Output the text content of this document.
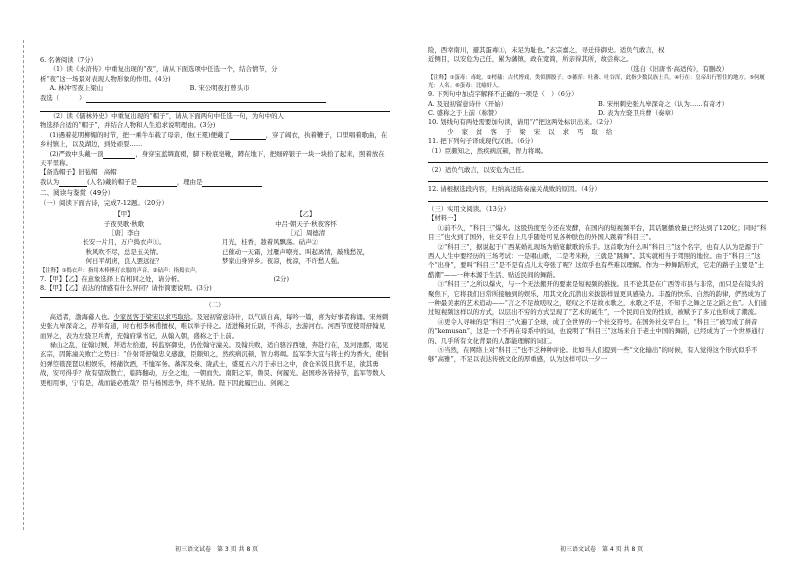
6. 名著阅读（7分）

（1）读《水浒传》中重复出现的“夜”，请从下面选项中任选一个，结合情节，分

析“夜”这一场景对表现人物形象的作用。(4分)

A. 林冲雪夜上梁山	B. 宋公明夜打曾头市

我选（	）

（2）读《儒林外史》中重复出现的“帽子”，请从下面两句中任选一句，为句中的人

物选择合适的“帽子”，并结合人物和人生追求说明理由。(3分)

(1)遇着花明柳媚的时节，把一乘牛车载了母亲，他(王冕)便戴了	，穿了阔衣，执着鞭子，口里唱着歌曲，在乡村镇上，以及湖边，到处顽耍……

(2)严致中头戴一顶	，身穿宝蓝绸直裰，脚下粉底皂靴，蹲在地下，把细碎银子一块一块拾了起来，照着放在天平里称。

【备选帽子】旧毡帽　高帽

我认为	(人名)戴的帽子是	，理由是

二、阅读与鉴赏（49分）

（一）阅读下面古诗，完成7-12题。（20分）

【甲】

子夜吴歌·秋歌

［唐］李白

长安一片月，万户捣衣声①。

秋风吹不尽，总是玉关情。

何日平胡虏，良人罢远征？

【乙】

中吕·朝天子·秋夜客怀

［元］周德清

月光，桂香，趁着风飘荡。砧声②

已催动一天霜，过雁声嘹亮。叫起离情，敲残愁况，

梦家山身异乡。夜凉，枕凉，不许愁人强。

【注释】①捣衣声：指用木棒捶打衣服的声音。②砧声：指捣衣声。

7.【甲】【乙】在意象选择上有相同之处，请分析。	(2分)

8.【甲】【乙】表达的情感有什么异同？请作简要说明。(3分)

（二）

高适者，渤海蓨人也。少家贫客于梁宋以求丐取给。及冠初留意诗什，以气质自高，每吟一篇，喜为好事者称诵。宋州刺史张九皋深奇之，荐举有道，时右相李林甫擅权，唯以举子待之。适进稀封丘尉，不得志，去游河右。河西节度使哥舒翰见而异之，表为左骁卫兵曹，充翰府掌书记，从翰入朝，盛称之于上前。

禄山之乱，征翰讨贼，拜适左拾遗，转监察御史，仍佐翰守潼关。及翰兵败，适自骆谷西驰，奔赴行在，及河池郡，谒见玄宗，因陈潼关败亡之势曰：“仆射哥舒翰忠义感激，臣颇知之，然疾病沉顿，智力将竭。监军李大宜与将士约为香火，使倡妇弹箜篌琵琶以相娱乐，樗蒱饮酒，不恤军务。蕃浑及秦、陇武士，盛夏五六月于赤日之中，食仓米饭且犹不足，欲其勇战，安可得乎？故有望敌散亡，临阵翻动，万全之地，一朝而失。南阳之军，鲁炅、何履光、赵国珍各皆持节，监军等数人更相用事，宁有是，战而能必胜哉？臣与杨国忠争，终不见纳。陛下因此履巴山、剑阁之

险，西幸南川，避其蛋毒①，未足为耻也。”玄宗嘉之，寻迁侍御史。适负气敢言，权

近侧目，以安危为己任，累为藩镇，政在宽简，所亲得其所，故尝称之。

（选自《旧唐书·高适传》，有删改）

【注释】①蛋毒：毒蛇。②樗蒱：古代博戏，类似掷骰子。③蕃浑：吐蕃、吐谷浑，此指少数民族士兵。④行在：皇帝出行暂住的地方。⑤何履光：人名。⑥蛋毒：比喻奸人。

9. 下列句中加点字解释不正确的一项是（　）（6分）

A. 及冠初留意诗什（开始）	B. 宋州刺史张九皋深奇之（认为……有奇才）
C. 盛称之于上前（称赞）	D. 表为左骁卫兵曹（奏章）

10. 划线句有两处需要加句读，请用“/”把这两处标识出来。（2分）

少 家 贫 客 于 梁 宋 以 求 丐 取 给

11. 把下列句子译成现代汉语。（6分）

（1）臣颇知之，然疾病沉顿，智力将竭。

（2）适负气敢言，以安危为己任。

12. 请根据选段内容，归纳高适陈奏潼关战败的原因。（4分）

（三）实用文阅读。（13分）

【材料一】

①前不久，“科目三”爆火。这股热度至今还在发酵，在国内的短视频平台，其话题播放量已经达到了120亿；同时“科目三”也火到了国外，社交平台上几乎随处可见各种肤色的外国人跳着“科目三”。

②“科目三”，据说起于广西某婚礼现场为婚宴献歌的乐手。这首歌为什么叫“科目三”这个名字，也有人认为是源于广西人人生中要经历的三场考试：一是唱山歌，二是考米粉，三就是“跳舞”。其实就相当于驾照的地位。由于“科目三”这个“出身”，要叫“科目三”是不是有点儿太夸张了呢？这似乎也有些难以理解。作为一种舞蹈形式，它走的路子主要是“土酷潮”——一种本源于生活、贴近民间的舞蹈。

③“科目三”之所以爆火，与一个无法搬开的要素是短视频的推拢。且不论其是在广西等市县与非常，而只是在镜头的聚焦下，它将我们日常所接触到的娱乐，用其文化沉潜出来拔筋样显更具感染力。丰盈的快乐、自然的韵律，俨然成为了一种最美素的艺术追动——“言之不足故嗟叹之，嗟叹之不足故永歌之，永歌之不足，不知手之舞之足之蹈之也”。人们通过短视频这样以的方式，以层出不穷的方式呈现了“艺术的诞生”，一个民间自发的性质，被赋予了多元也形成了潮流。

④更令人寻味的是“科目三”火遍了全球，成了全世界的一个社交符号。在国外社交平台上，“科目三”被写成了拼音的“kemusan”，这是一个不再在母系中的词，也说明了“科目三”这场来自于老土中国的舞蹈，已经成为了一个世界通行的、几乎所有文化背景的人都能理解的词汇。

⑤当然，在网络上对“科目三”也不乏种种评论。比如当人们提到一些“文化输出”的时候，有人觉得这个形式似乎不够“高雅”，不足以表达传统文化的厚重感，认为这样可以一夕一

初三语文试卷　第 3 页 共 8 页	初三语文试卷　第 4 页 共 8 页
